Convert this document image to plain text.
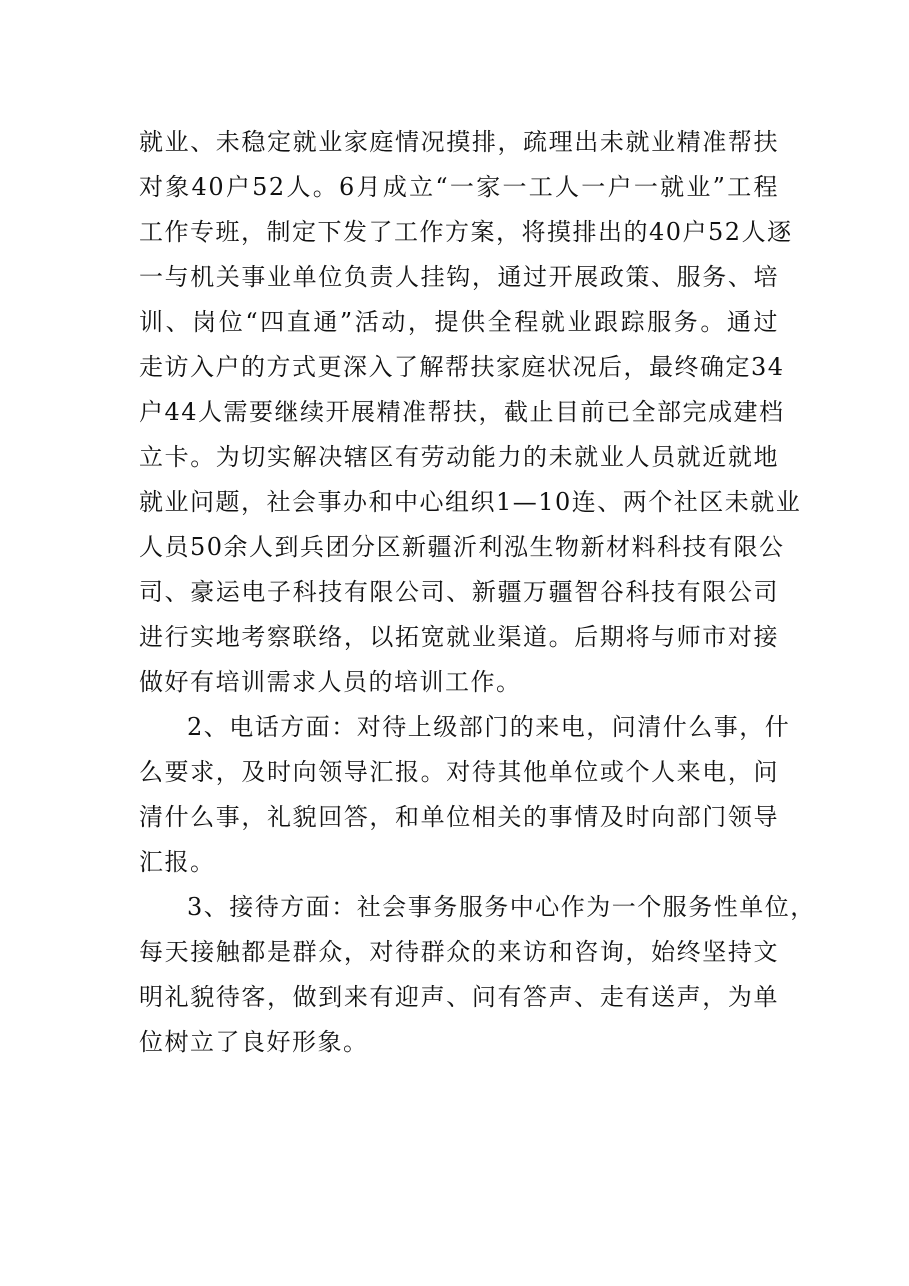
就业、未稳定就业家庭情况摸排，疏理出未就业精准帮扶
对象40户52人。6月成立“一家一工人一户一就业”工程
工作专班，制定下发了工作方案，将摸排出的40户52人逐
一与机关事业单位负责人挂钩，通过开展政策、服务、培
训、岗位“四直通”活动，提供全程就业跟踪服务。通过
走访入户的方式更深入了解帮扶家庭状况后，最终确定34
户44人需要继续开展精准帮扶，截止目前已全部完成建档
立卡。为切实解决辖区有劳动能力的未就业人员就近就地
就业问题，社会事办和中心组织1—10连、两个社区未就业
人员50余人到兵团分区新疆沂利泓生物新材料科技有限公
司、豪运电子科技有限公司、新疆万疆智谷科技有限公司
进行实地考察联络，以拓宽就业渠道。后期将与师市对接
做好有培训需求人员的培训工作。
2、电话方面：对待上级部门的来电，问清什么事，什
么要求，及时向领导汇报。对待其他单位或个人来电，问
清什么事，礼貌回答，和单位相关的事情及时向部门领导
汇报。
3、接待方面：社会事务服务中心作为一个服务性单位，
每天接触都是群众，对待群众的来访和咨询，始终坚持文
明礼貌待客，做到来有迎声、问有答声、走有送声，为单
位树立了良好形象。
